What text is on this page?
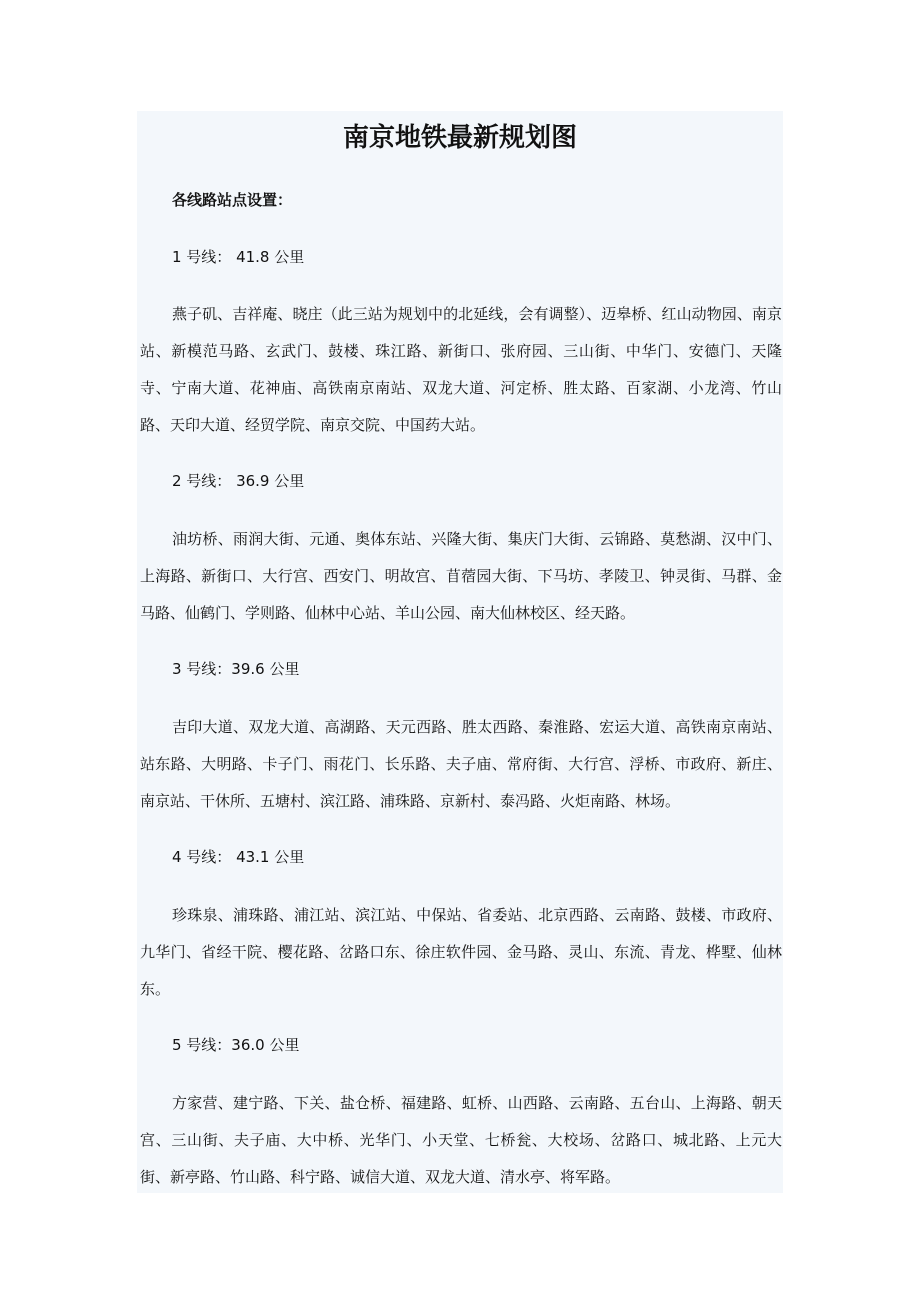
南京地铁最新规划图

各线路站点设置：

1 号线： 41.8 公里

燕子矶、吉祥庵、晓庄（此三站为规划中的北延线，会有调整）、迈皋桥、红山动物园、南京站、新模范马路、玄武门、鼓楼、珠江路、新街口、张府园、三山街、中华门、安德门、天隆寺、宁南大道、花神庙、高铁南京南站、双龙大道、河定桥、胜太路、百家湖、小龙湾、竹山路、天印大道、经贸学院、南京交院、中国药大站。

2 号线： 36.9 公里

油坊桥、雨润大街、元通、奥体东站、兴隆大街、集庆门大街、云锦路、莫愁湖、汉中门、上海路、新街口、大行宫、西安门、明故宫、苜蓿园大街、下马坊、孝陵卫、钟灵街、马群、金马路、仙鹤门、学则路、仙林中心站、羊山公园、南大仙林校区、经天路。

3 号线：39.6 公里

吉印大道、双龙大道、高湖路、天元西路、胜太西路、秦淮路、宏运大道、高铁南京南站、站东路、大明路、卡子门、雨花门、长乐路、夫子庙、常府街、大行宫、浮桥、市政府、新庄、南京站、干休所、五塘村、滨江路、浦珠路、京新村、泰冯路、火炬南路、林场。

4 号线： 43.1 公里

珍珠泉、浦珠路、浦江站、滨江站、中保站、省委站、北京西路、云南路、鼓楼、市政府、九华门、省经干院、樱花路、岔路口东、徐庄软件园、金马路、灵山、东流、青龙、桦墅、仙林东。

5 号线：36.0 公里

方家营、建宁路、下关、盐仓桥、福建路、虹桥、山西路、云南路、五台山、上海路、朝天宫、三山街、夫子庙、大中桥、光华门、小天堂、七桥瓮、大校场、岔路口、城北路、上元大街、新亭路、竹山路、科宁路、诚信大道、双龙大道、清水亭、将军路。
